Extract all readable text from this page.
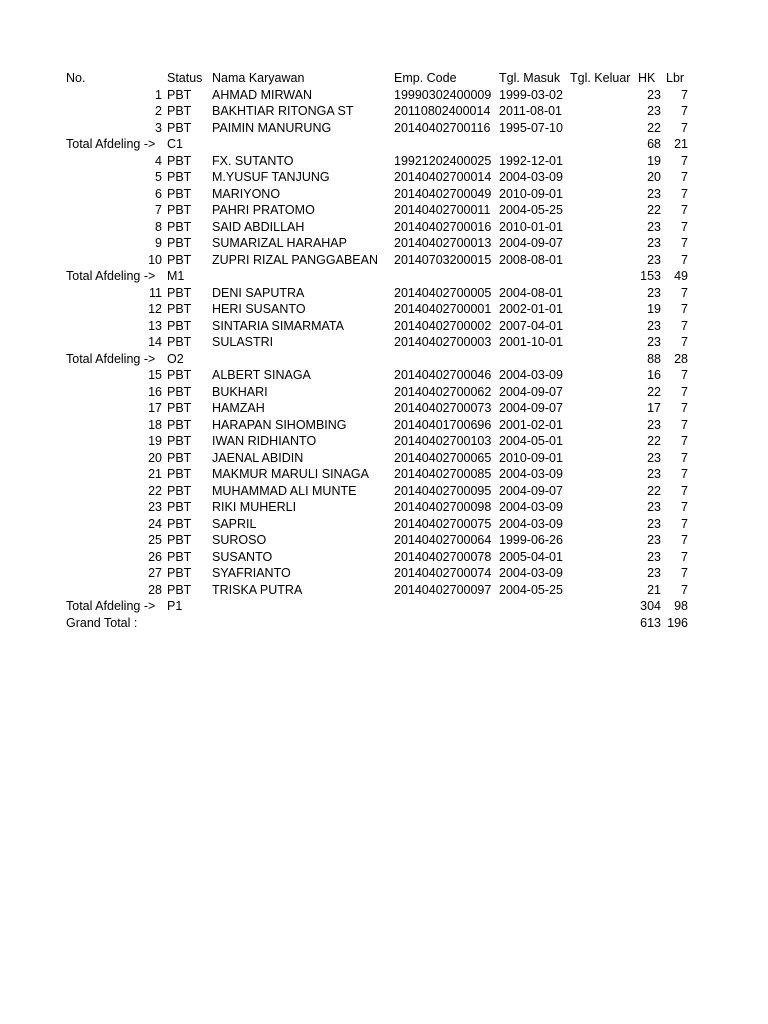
No.	Status Nama Karyawan	Emp. Code	Tgl. Masuk Tgl. Keluar HK Lbr
1 PBT AHMAD MIRWAN	19990302400009 1999-03-02	23	7
2 PBT BAKHTIAR RITONGA ST	20110802400014 2011-08-01	23	7
3 PBT PAIMIN MANURUNG	20140402700116 1995-07-10	22	7
Total Afdeling -> C1	68	21
4 PBT FX. SUTANTO	19921202400025 1992-12-01	19	7
5 PBT M.YUSUF TANJUNG	20140402700014 2004-03-09	20	7
6 PBT MARIYONO	20140402700049 2010-09-01	23	7
7 PBT PAHRI PRATOMO	20140402700011 2004-05-25	22	7
8 PBT SAID ABDILLAH	20140402700016 2010-01-01	23	7
9 PBT SUMARIZAL HARAHAP	20140402700013 2004-09-07	23	7
10 PBT ZUPRI RIZAL PANGGABEAN 20140703200015 2008-08-01	23	7
Total Afdeling -> M1	153	49
11 PBT DENI SAPUTRA	20140402700005 2004-08-01	23	7
12 PBT HERI SUSANTO	20140402700001 2002-01-01	19	7
13 PBT SINTARIA SIMARMATA	20140402700002 2007-04-01	23	7
14 PBT SULASTRI	20140402700003 2001-10-01	23	7
Total Afdeling -> O2	88	28
15 PBT ALBERT SINAGA	20140402700046 2004-03-09	16	7
16 PBT BUKHARI	20140402700062 2004-09-07	22	7
17 PBT HAMZAH	20140402700073 2004-09-07	17	7
18 PBT HARAPAN SIHOMBING	20140401700696 2001-02-01	23	7
19 PBT IWAN RIDHIANTO	20140402700103 2004-05-01	22	7
20 PBT JAENAL ABIDIN	20140402700065 2010-09-01	23	7
21 PBT MAKMUR MARULI SINAGA 20140402700085 2004-03-09	23	7
22 PBT MUHAMMAD ALI MUNTE	20140402700095 2004-09-07	22	7
23 PBT RIKI MUHERLI	20140402700098 2004-03-09	23	7
24 PBT SAPRIL	20140402700075 2004-03-09	23	7
25 PBT SUROSO	20140402700064 1999-06-26	23	7
26 PBT SUSANTO	20140402700078 2005-04-01	23	7
27 PBT SYAFRIANTO	20140402700074 2004-03-09	23	7
28 PBT TRISKA PUTRA	20140402700097 2004-05-25	21	7
Total Afdeling -> P1	304	98
Grand Total :	613 196
